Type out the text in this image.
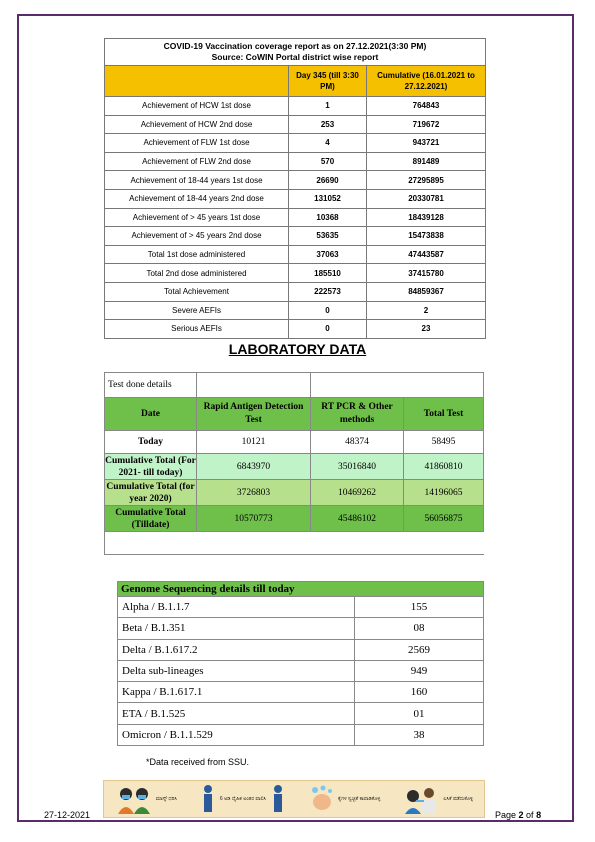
COVID-19 Vaccination coverage report as on 27.12.2021(3:30 PM)
Source: CoWIN Portal district wise report		

	Day 345 (till 3:30 PM)	Cumulative (16.01.2021 to 27.12.2021)
Achievement of HCW 1st dose	1	764843
Achievement of HCW 2nd dose	253	719672
Achievement of FLW 1st dose	4	943721
Achievement of FLW 2nd dose	570	891489
Achievement of 18-44 years 1st dose	26690	27295895
Achievement of 18-44 years 2nd dose	131052	20330781
Achievement of > 45 years 1st dose	10368	18439128
Achievement of > 45 years 2nd dose	53635	15473838
Total 1st dose administered	37063	47443587
Total 2nd dose administered	185510	37415780
Total Achievement	222573	84859367
Severe AEFIs	0	2
Serious AEFIs	0	23
LABORATORY DATA
Test done details			
Date	Rapid Antigen Detection Test	RT PCR & Other methods	Total Test
Today	10121	48374	58495
Cumulative Total (For 2021- till today)	6843970	35016840	41860810
Cumulative Total (for year 2020)	3726803	10469262	14196065
Cumulative Total (Tilldate)	10570773	45486102	56056875

Genome Sequencing details till today	
Alpha / B.1.1.7	155
Beta / B.1.351	08
Delta / B.1.617.2	2569
Delta sub-lineages	949
Kappa / B.1.617.1	160
ETA / B.1.525	01
Omicron / B.1.1.529	38
*Data received from SSU.
ಮಾಸ್ಕ್ ಧರಿಸಿ	6 ಅಡಿ ದೈಹಿಕ ಅಂತರ ಪಾಲಿಸಿ	ಕೈಗಳ ಸ್ವಚ್ಛತೆ ಕಾಪಾಡಿಕೊಳ್ಳಿ	ಲಸಿಕೆ ಪಡೆದುಕೊಳ್ಳಿ
27-12-2021	Page 2 of 8
